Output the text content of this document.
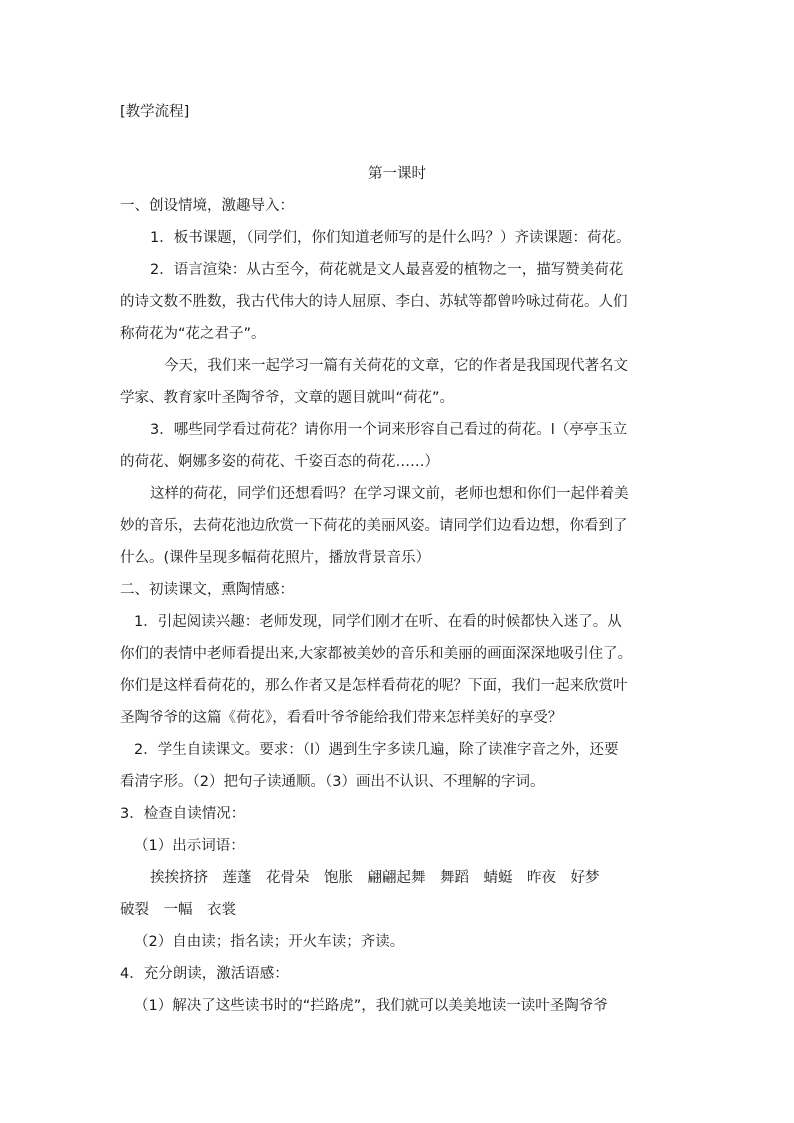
[教学流程]
第一课时
一、创设情境，激趣导入：
1．板书课题，（同学们，你们知道老师写的是什么吗？）齐读课题：荷花。
2．语言渲染：从古至今，荷花就是文人最喜爱的植物之一，描写赞美荷花
的诗文数不胜数，我古代伟大的诗人屈原、李白、苏轼等都曾吟咏过荷花。人们
称荷花为“花之君子”。
今天，我们来一起学习一篇有关荷花的文章，它的作者是我国现代著名文
学家、教育家叶圣陶爷爷，文章的题目就叫“荷花”。
3．哪些同学看过荷花？请你用一个词来形容自己看过的荷花。l（亭亭玉立
的荷花、婀娜多姿的荷花、千姿百态的荷花……）
这样的荷花，同学们还想看吗？在学习课文前，老师也想和你们一起伴着美
妙的音乐，去荷花池边欣赏一下荷花的美丽风姿。请同学们边看边想，你看到了
什么。(课件呈现多幅荷花照片，播放背景音乐）
二、初读课文，熏陶情感：
1．引起阅读兴趣：老师发现，同学们刚才在听、在看的时候都快入迷了。从
你们的表情中老师看提出来,大家都被美妙的音乐和美丽的画面深深地吸引住了。
你们是这样看荷花的，那么作者又是怎样看荷花的呢？下面，我们一起来欣赏叶
圣陶爷爷的这篇《荷花》，看看叶爷爷能给我们带来怎样美好的享受？
2．学生自读课文。要求：（l）遇到生字多读几遍，除了读准字音之外，还要
看清字形。（2）把句子读通顺。（3）画出不认识、不理解的字词。
3．检查自读情况：
（1）出示词语：
挨挨挤挤　莲蓬　花骨朵　饱胀　翩翩起舞　舞蹈　蜻蜓　昨夜　好梦
破裂　一幅　衣裳
（2）自由读；指名读；开火车读；齐读。
4．充分朗读，激活语感：
（1）解决了这些读书时的“拦路虎”，我们就可以美美地读一读叶圣陶爷爷
